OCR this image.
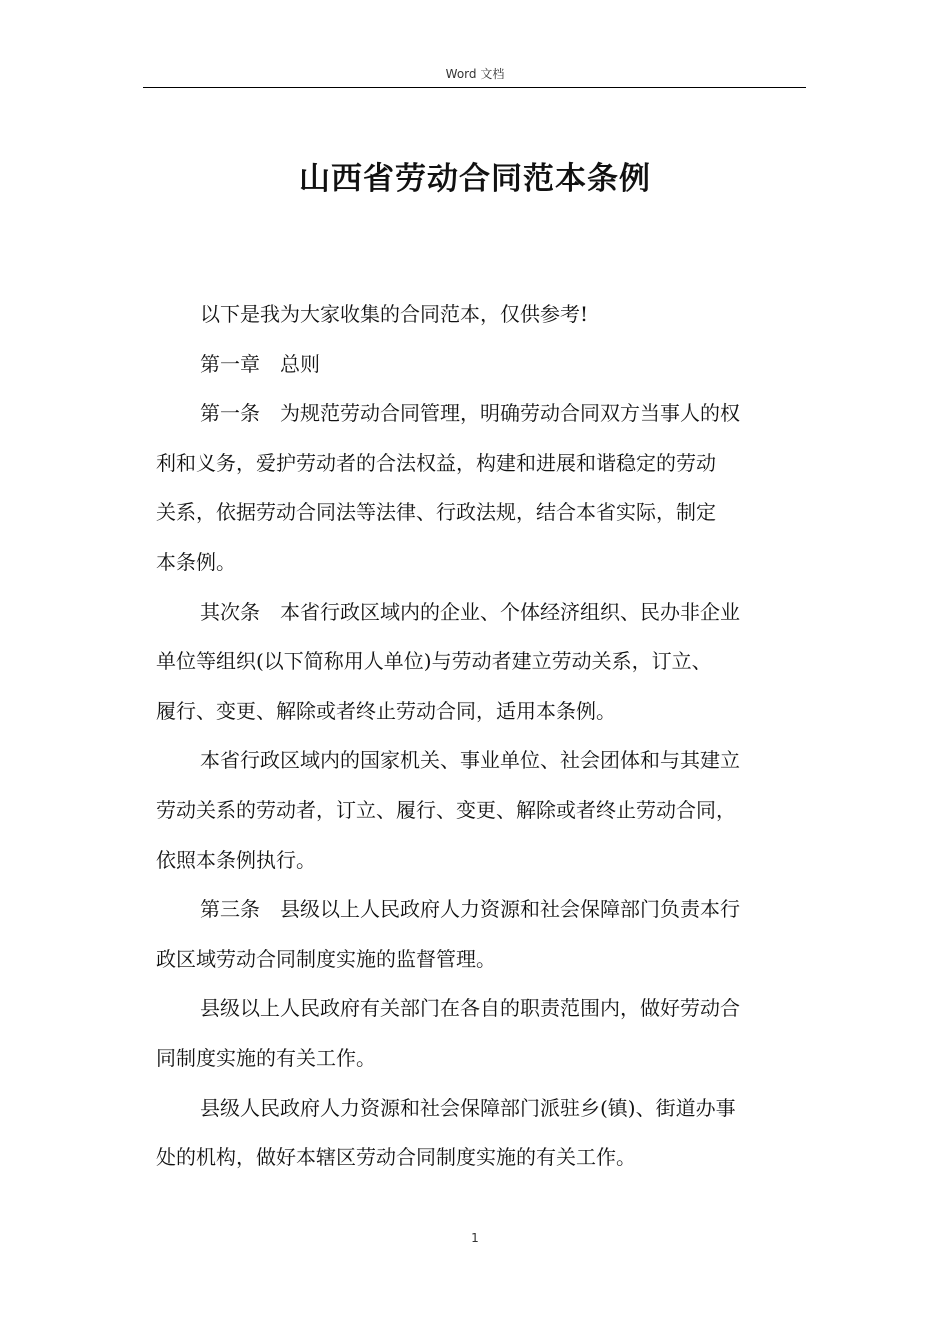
Word 文档
山西省劳动合同范本条例

以下是我为大家收集的合同范本，仅供参考!

第一章　总则

第一条　为规范劳动合同管理，明确劳动合同双方当事人的权
利和义务，爱护劳动者的合法权益，构建和进展和谐稳定的劳动
关系，依据劳动合同法等法律、行政法规，结合本省实际，制定
本条例。

其次条　本省行政区域内的企业、个体经济组织、民办非企业
单位等组织(以下简称用人单位)与劳动者建立劳动关系，订立、
履行、变更、解除或者终止劳动合同，适用本条例。

本省行政区域内的国家机关、事业单位、社会团体和与其建立
劳动关系的劳动者，订立、履行、变更、解除或者终止劳动合同，
依照本条例执行。

第三条　县级以上人民政府人力资源和社会保障部门负责本行
政区域劳动合同制度实施的监督管理。

县级以上人民政府有关部门在各自的职责范围内，做好劳动合
同制度实施的有关工作。

县级人民政府人力资源和社会保障部门派驻乡(镇)、街道办事
处的机构，做好本辖区劳动合同制度实施的有关工作。

1
